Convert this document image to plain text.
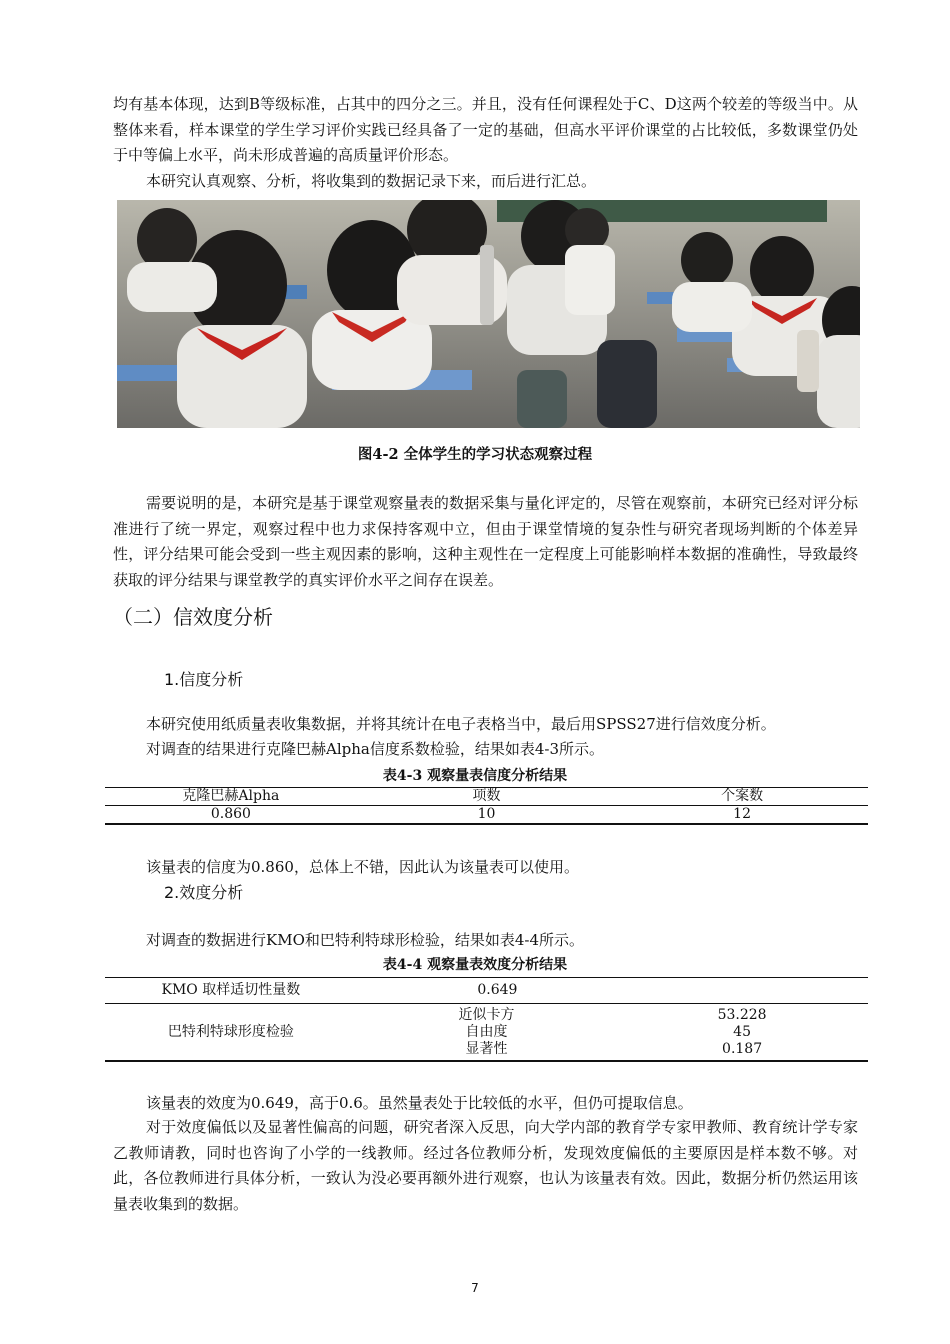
均有基本体现，达到B等级标准，占其中的四分之三。并且，没有任何课程处于C、D这两个较差的等级当中。从整体来看，样本课堂的学生学习评价实践已经具备了一定的基础，但高水平评价课堂的占比较低，多数课堂仍处于中等偏上水平，尚未形成普遍的高质量评价形态。

本研究认真观察、分析，将收集到的数据记录下来，而后进行汇总。

图4-2 全体学生的学习状态观察过程

需要说明的是，本研究是基于课堂观察量表的数据采集与量化评定的，尽管在观察前，本研究已经对评分标准进行了统一界定，观察过程中也力求保持客观中立，但由于课堂情境的复杂性与研究者现场判断的个体差异性，评分结果可能会受到一些主观因素的影响，这种主观性在一定程度上可能影响样本数据的准确性，导致最终获取的评分结果与课堂教学的真实评价水平之间存在误差。

（二）信效度分析
1.信度分析

本研究使用纸质量表收集数据，并将其统计在电子表格当中，最后用SPSS27进行信效度分析。

对调查的结果进行克隆巴赫Alpha信度系数检验，结果如表4-3所示。

表4-3 观察量表信度分析结果
克隆巴赫Alpha	项数	个案数
0.860	10	12

该量表的信度为0.860，总体上不错，因此认为该量表可以使用。

2.效度分析

对调查的数据进行KMO和巴特利特球形检验，结果如表4-4所示。

表4-4 观察量表效度分析结果
KMO 取样适切性量数	0.649	
巴特利特球形度检验	近似卡方	53.228
	自由度	45
	显著性	0.187

该量表的效度为0.649，高于0.6。虽然量表处于比较低的水平，但仍可提取信息。

对于效度偏低以及显著性偏高的问题，研究者深入反思，向大学内部的教育学专家甲教师、教育统计学专家乙教师请教，同时也咨询了小学的一线教师。经过各位教师分析，发现效度偏低的主要原因是样本数不够。对此，各位教师进行具体分析，一致认为没必要再额外进行观察，也认为该量表有效。因此，数据分析仍然运用该量表收集到的数据。

7
